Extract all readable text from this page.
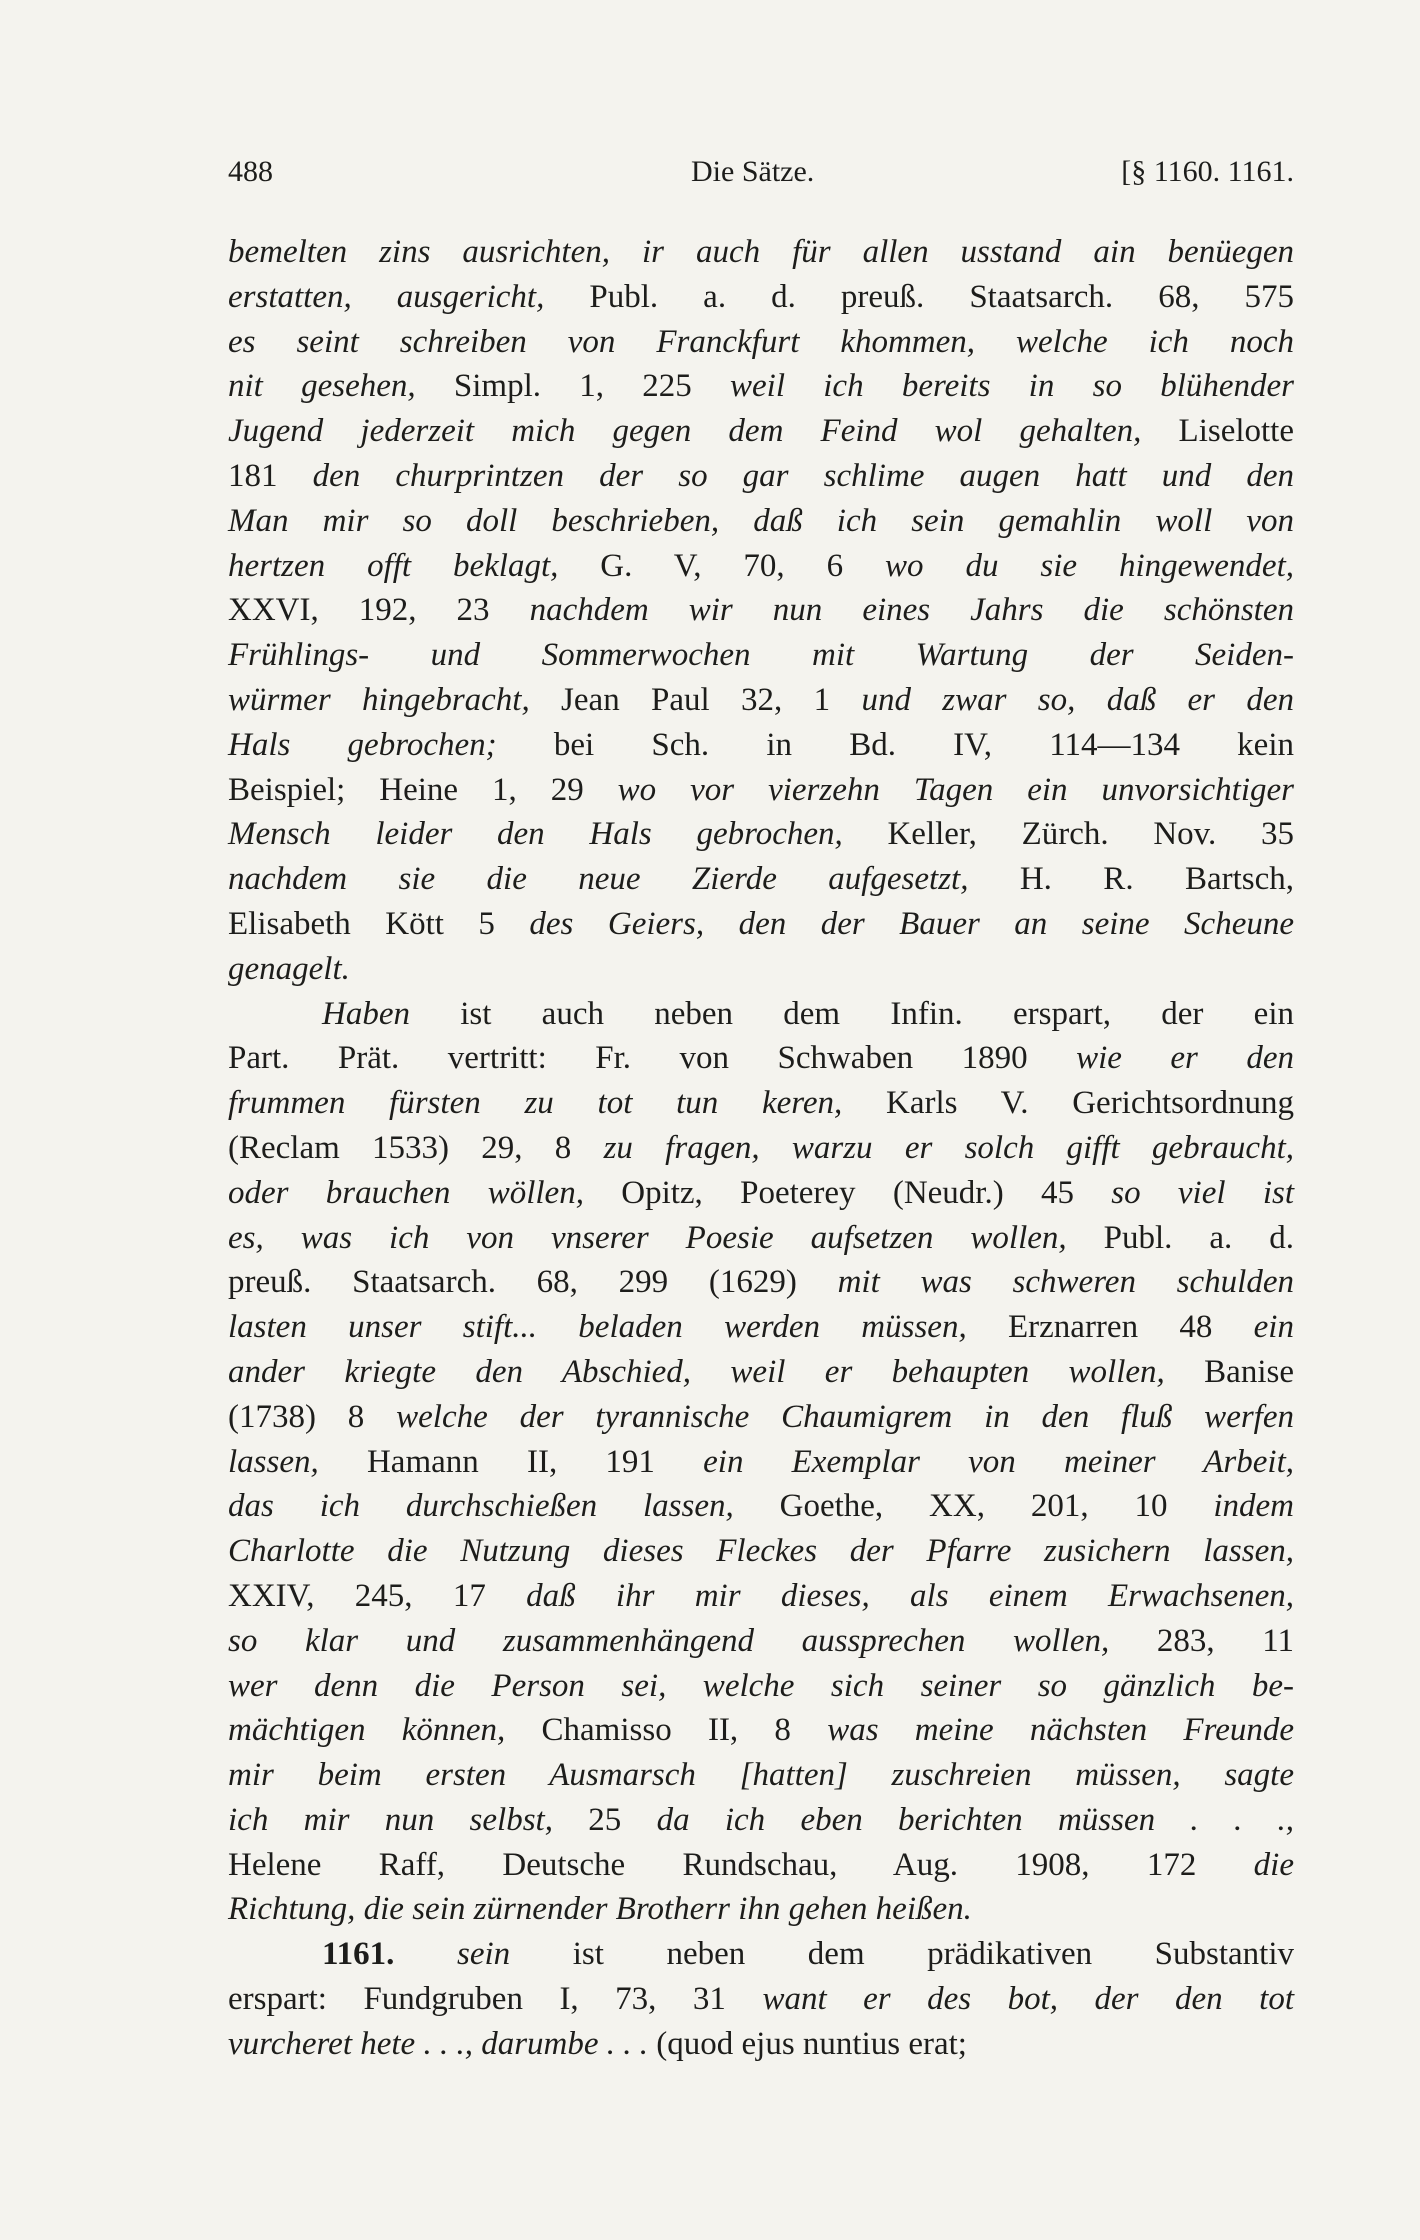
488	Die Sätze.	[§ 1160. 1161.

bemelten zins ausrichten, ir auch für allen usstand ain benüegen

erstatten, ausgericht, Publ. a. d. preuß. Staatsarch. 68, 575

es seint schreiben von Franckfurt khommen, welche ich noch

nit gesehen, Simpl. 1, 225 weil ich bereits in so blühender

Jugend jederzeit mich gegen dem Feind wol gehalten, Liselotte

181 den churprintzen der so gar schlime augen hatt und den

Man mir so doll beschrieben, daß ich sein gemahlin woll von

hertzen offt beklagt, G. V, 70, 6 wo du sie hingewendet,

XXVI, 192, 23 nachdem wir nun eines Jahrs die schönsten

Frühlings- und Sommerwochen mit Wartung der Seiden-

würmer hingebracht, Jean Paul 32, 1 und zwar so, daß er den

Hals gebrochen; bei Sch. in Bd. IV, 114—134 kein

Beispiel; Heine 1, 29 wo vor vierzehn Tagen ein unvorsichtiger

Mensch leider den Hals gebrochen, Keller, Zürch. Nov. 35

nachdem sie die neue Zierde aufgesetzt, H. R. Bartsch,

Elisabeth Kött 5 des Geiers, den der Bauer an seine Scheune

genagelt.

Haben ist auch neben dem Infin. erspart, der ein

Part. Prät. vertritt: Fr. von Schwaben 1890 wie er den

frummen fürsten zu tot tun keren, Karls V. Gerichtsordnung

(Reclam 1533) 29, 8 zu fragen, warzu er solch gifft gebraucht,

oder brauchen wöllen, Opitz, Poeterey (Neudr.) 45 so viel ist

es, was ich von vnserer Poesie aufsetzen wollen, Publ. a. d.

preuß. Staatsarch. 68, 299 (1629) mit was schweren schulden

lasten unser stift... beladen werden müssen, Erznarren 48 ein

ander kriegte den Abschied, weil er behaupten wollen, Banise

(1738) 8 welche der tyrannische Chaumigrem in den fluß werfen

lassen, Hamann II, 191 ein Exemplar von meiner Arbeit,

das ich durchschießen lassen, Goethe, XX, 201, 10 indem

Charlotte die Nutzung dieses Fleckes der Pfarre zusichern lassen,

XXIV, 245, 17 daß ihr mir dieses, als einem Erwachsenen,

so klar und zusammenhängend aussprechen wollen, 283, 11

wer denn die Person sei, welche sich seiner so gänzlich be-

mächtigen können, Chamisso II, 8 was meine nächsten Freunde

mir beim ersten Ausmarsch [hatten] zuschreien müssen, sagte

ich mir nun selbst, 25 da ich eben berichten müssen . . .,

Helene Raff, Deutsche Rundschau, Aug. 1908, 172 die

Richtung, die sein zürnender Brotherr ihn gehen heißen.

1161. sein ist neben dem prädikativen Substantiv

erspart: Fundgruben I, 73, 31 want er des bot, der den tot

vurcheret hete . . ., darumbe . . . (quod ejus nuntius erat;
